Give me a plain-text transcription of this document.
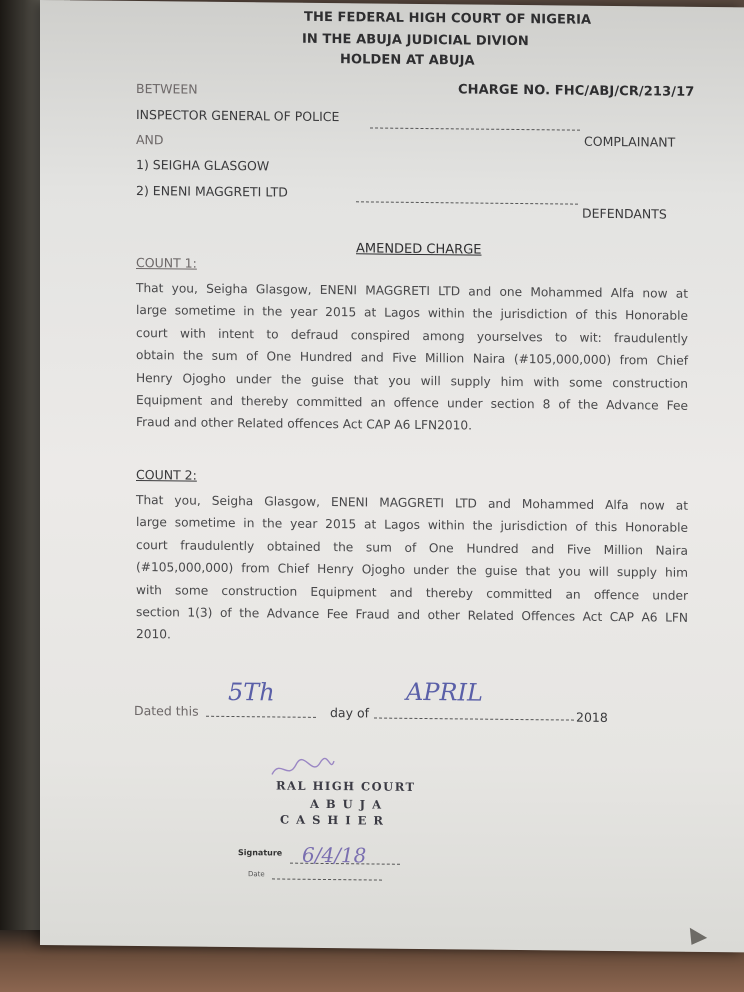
THE FEDERAL HIGH COURT OF NIGERIA
IN THE ABUJA JUDICIAL DIVION
HOLDEN AT ABUJA
CHARGE NO. FHC/ABJ/CR/213/17
BETWEEN
INSPECTOR GENERAL OF POLICE
COMPLAINANT
AND
1) SEIGHA GLASGOW
2) ENENI MAGGRETI LTD
DEFENDANTS
AMENDED CHARGE
COUNT 1:

That you, Seigha Glasgow, ENENI MAGGRETI LTD and one Mohammed Alfa now at

large sometime in the year 2015 at Lagos within the jurisdiction of this Honorable

court with intent to defraud conspired among yourselves to wit: fraudulently

obtain the sum of One Hundred and Five Million Naira (#105,000,000) from Chief

Henry Ojogho under the guise that you will supply him with some construction

Equipment and thereby committed an offence under section 8 of the Advance Fee

Fraud and other Related offences Act CAP A6 LFN2010.

COUNT 2:

That you, Seigha Glasgow, ENENI MAGGRETI LTD and Mohammed Alfa now at

large sometime in the year 2015 at Lagos within the jurisdiction of this Honorable

court fraudulently obtained the sum of One Hundred and Five Million Naira

(#105,000,000) from Chief Henry Ojogho under the guise that you will supply him

with some construction Equipment and thereby committed an offence under

section 1(3) of the Advance Fee Fraud and other Related Offences Act CAP A6 LFN

2010.

Dated this
5Th
day of
APRIL
2018
RAL HIGH COURT
A B U J A
C A S H I E R
Signature
Date
6/4/18
